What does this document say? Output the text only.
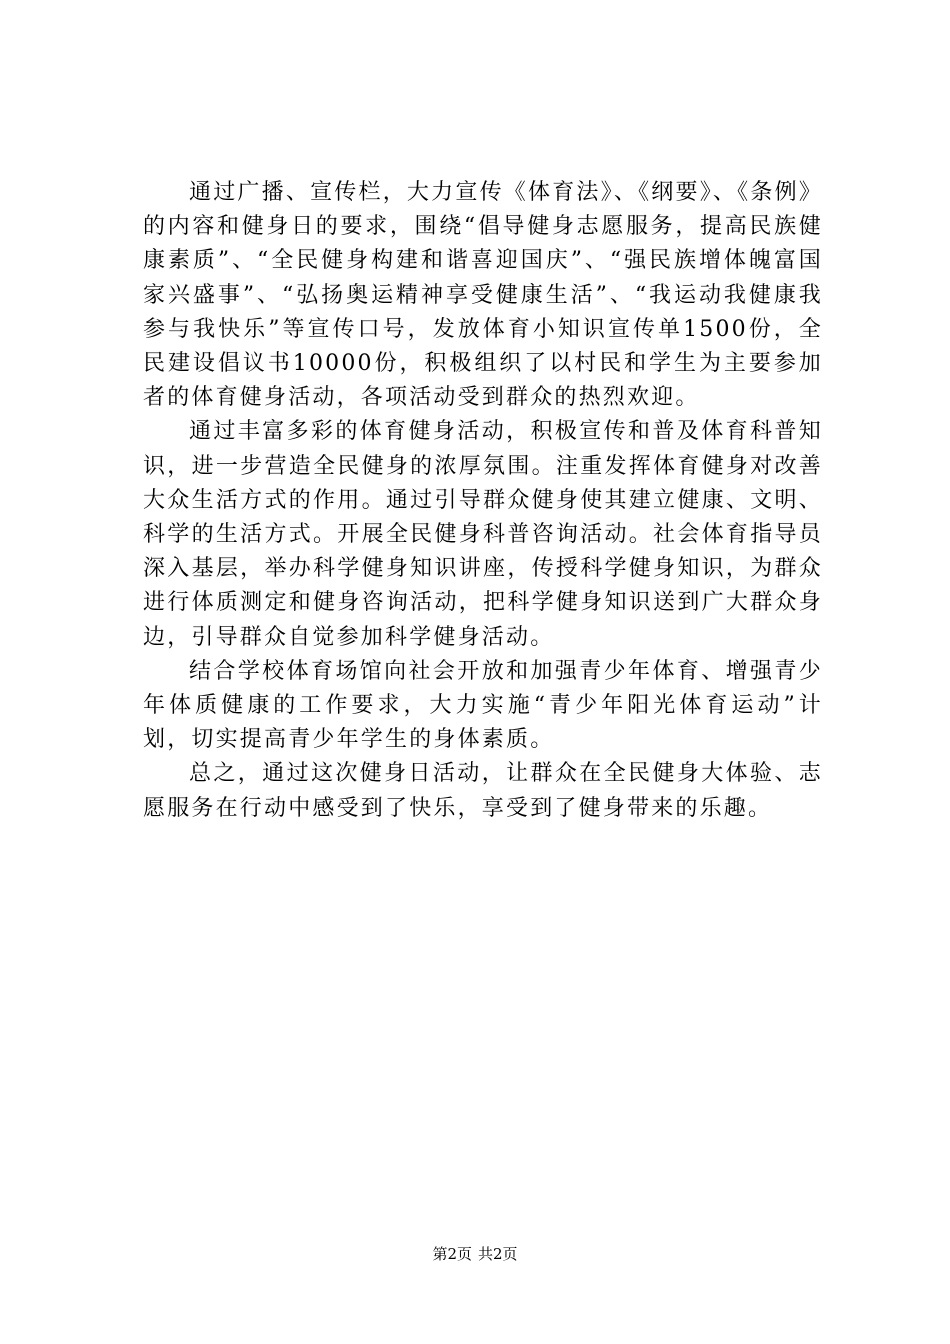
通过广播、宣传栏，大力宣传《体育法》、《纲要》、《条例》的内容和健身日的要求，围绕“倡导健身志愿服务，提高民族健康素质”、“全民健身构建和谐喜迎国庆”、“强民族增体魄富国家兴盛事”、“弘扬奥运精神享受健康生活”、“我运动我健康我参与我快乐”等宣传口号，发放体育小知识宣传单1500份，全民建设倡议书10000份，积极组织了以村民和学生为主要参加者的体育健身活动，各项活动受到群众的热烈欢迎。

通过丰富多彩的体育健身活动，积极宣传和普及体育科普知识，进一步营造全民健身的浓厚氛围。注重发挥体育健身对改善大众生活方式的作用。通过引导群众健身使其建立健康、文明、科学的生活方式。开展全民健身科普咨询活动。社会体育指导员深入基层，举办科学健身知识讲座，传授科学健身知识，为群众进行体质测定和健身咨询活动，把科学健身知识送到广大群众身边，引导群众自觉参加科学健身活动。

结合学校体育场馆向社会开放和加强青少年体育、增强青少年体质健康的工作要求，大力实施“青少年阳光体育运动”计划，切实提高青少年学生的身体素质。

总之，通过这次健身日活动，让群众在全民健身大体验、志愿服务在行动中感受到了快乐，享受到了健身带来的乐趣。

第2页 共2页
